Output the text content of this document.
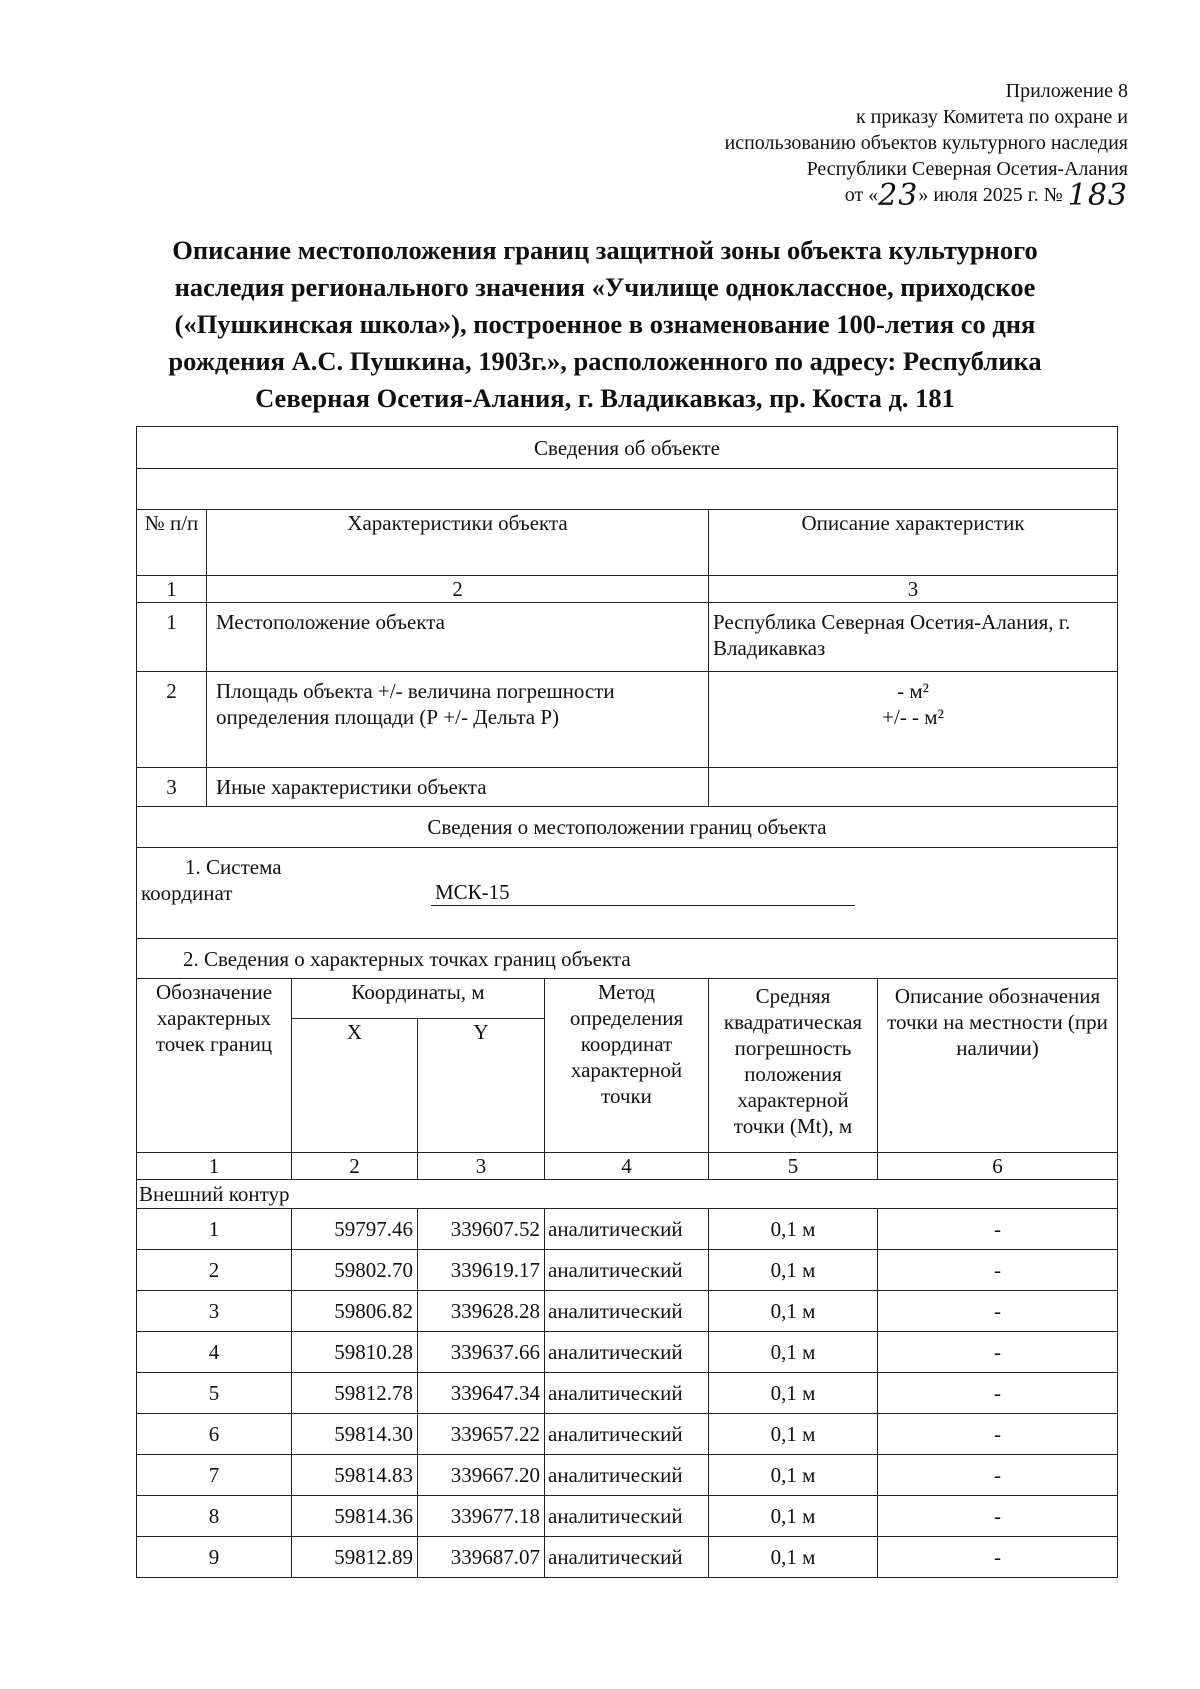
Приложение 8
к приказу Комитета по охране и
использованию объектов культурного наследия
Республики Северная Осетия-Алания
от «23» июля 2025 г. № 183
Описание местоположения границ защитной зоны объекта культурного наследия регионального значения «Училище одноклассное, приходское («Пушкинская школа»), построенное в ознаменование 100-летия со дня рождения А.С. Пушкина, 1903г.», расположенного по адресу: Республика Северная Осетия-Алания, г. Владикавказ, пр. Коста д. 181
Сведения об объекте						

№ п/п	Характеристики объекта				Описание характеристик	
1	2				3	
1	Местоположение объекта				Республика Северная Осетия-Алания, г. Владикавказ	
2	Площадь объекта +/- величина погрешности определения площади (Р +/- Дельта Р)				- м²
+/- - м²	

3	Иные характеристики объекта					
Сведения о местоположении границ объекта						

1. Система координат МСК-15						

2. Сведения о характерных точках границ объекта						
Обозначение характерных точек границ		Координаты, м		Метод определения координат характерной точки	Средняя квадратическая погрешность положения характерной точки (Mt), м	Описание обозначения точки на местности (при наличии)
		X	Y			
1		2	3	4	5	6
Внешний контур						
1		59797.46	339607.52	аналитический	0,1 м	-
2		59802.70	339619.17	аналитический	0,1 м	-
3		59806.82	339628.28	аналитический	0,1 м	-
4		59810.28	339637.66	аналитический	0,1 м	-
5		59812.78	339647.34	аналитический	0,1 м	-
6		59814.30	339657.22	аналитический	0,1 м	-
7		59814.83	339667.20	аналитический	0,1 м	-
8		59814.36	339677.18	аналитический	0,1 м	-
9		59812.89	339687.07	аналитический	0,1 м	-
